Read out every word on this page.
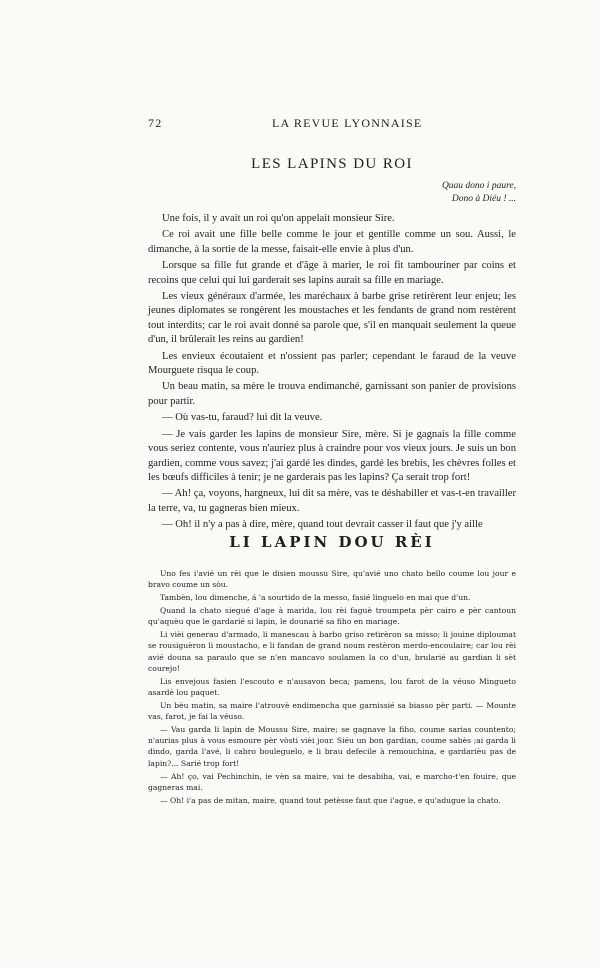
72	LA REVUE LYONNAISE
LES LAPINS DU ROI
Quau dono i paure,
Dono à Diéu ! ...

Une fois, il y avait un roi qu'on appelait monsieur Sire.

Ce roi avait une fille belle comme le jour et gentille comme un sou. Aussi, le dimanche, à la sortie de la messe, faisait-elle envie à plus d'un.

Lorsque sa fille fut grande et d'âge à marier, le roi fit tambouriner par coins et recoins que celui qui lui garderait ses lapins aurait sa fille en mariage.

Les vieux généraux d'armée, les maréchaux à barbe grise retirèrent leur enjeu; les jeunes diplomates se rongèrent les moustaches et les fendants de grand nom restèrent tout interdits; car le roi avait donné sa parole que, s'il en manquait seulement la queue d'un, il brûlerait les reins au gardien!

Les envieux écoutaient et n'ossient pas parler; cependant le faraud de la veuve Mourguete risqua le coup.

Un beau matin, sa mère le trouva endimanché, garnissant son panier de provisions pour partir.

— Où vas-tu, faraud? lui dit la veuve.

— Je vais garder les lapins de monsieur Sire, mère. Si je gagnais la fille comme vous seriez contente, vous n'auriez plus à craindre pour vos vieux jours. Je suis un bon gardien, comme vous savez; j'ai gardé les dindes, gardé les brebis, les chèvres folles et les bœufs difficiles à tenir; je ne garderais pas les lapins? Ça serait trop fort!

— Ah! ça, voyons, hargneux, lui dit sa mère, vas te déshabiller et vas-t-en travailler la terre, va, tu gagneras bien mieux.

— Oh! il n'y a pas à dire, mère, quand tout devrait casser il faut que j'y aille

LI LAPIN DOU RÈI

Uno fes i'avié un rèi que le disien moussu Sire, qu'avié uno chato bello coume lou jour e bravo coume un sòu.

Tambèn, lou dimenche, á 'a sourtido de la messo, fasié linguelo en mai que d'un.

Quand la chato siegué d'age à marida, lou rèi faguè troumpeta pèr cairo e pèr cantoun qu'aquèu que le gardarié si lapin, le dounarié sa fiho en mariage.

Li vièi generau d'armado, li manescau à barbo griso retirèron sa misso; li jouine diploumat se rousiguèron li moustacho, e li fandan de grand noum restèron merdo-encoulaire; car lou rèi avié douna sa paraulo que se n'en mancavo soulamen la co d'un, brularié au gardian li sèt courejo!

Lis envejous fasien l'escouto e n'ausavon beca; pamens, lou farot de la véuso Mingueto asardè lou paquet.

Un bèu matin, sa maire l'atrouvè endimencha que garnissié sa biasso pèr parti. — Mounte vas, farot, je fai la véuso.

— Vau garda li lapin de Moussu Sire, maire; se gagnave la fiho, coume sarias countento; n'aurias plus à vous esmoure pèr vòsti vièi jour. Siéu un bon gardian, coume sabès ;ai garda li dindo, garda l'avé, li cabro bouleguelo, e li brau defecile à remouchina, e gardarièu pas de lapin?... Sarié trop fort!

— Ah! ço, vai Pechinchin, ie vèn sa maire, vai te desabiha, vai, e marcho-t'en fouire, que gagneras mai.

— Oh! i'a pas de mitan, maire, quand tout petèsse faut que i'ague, e qu'adugue la chato.
